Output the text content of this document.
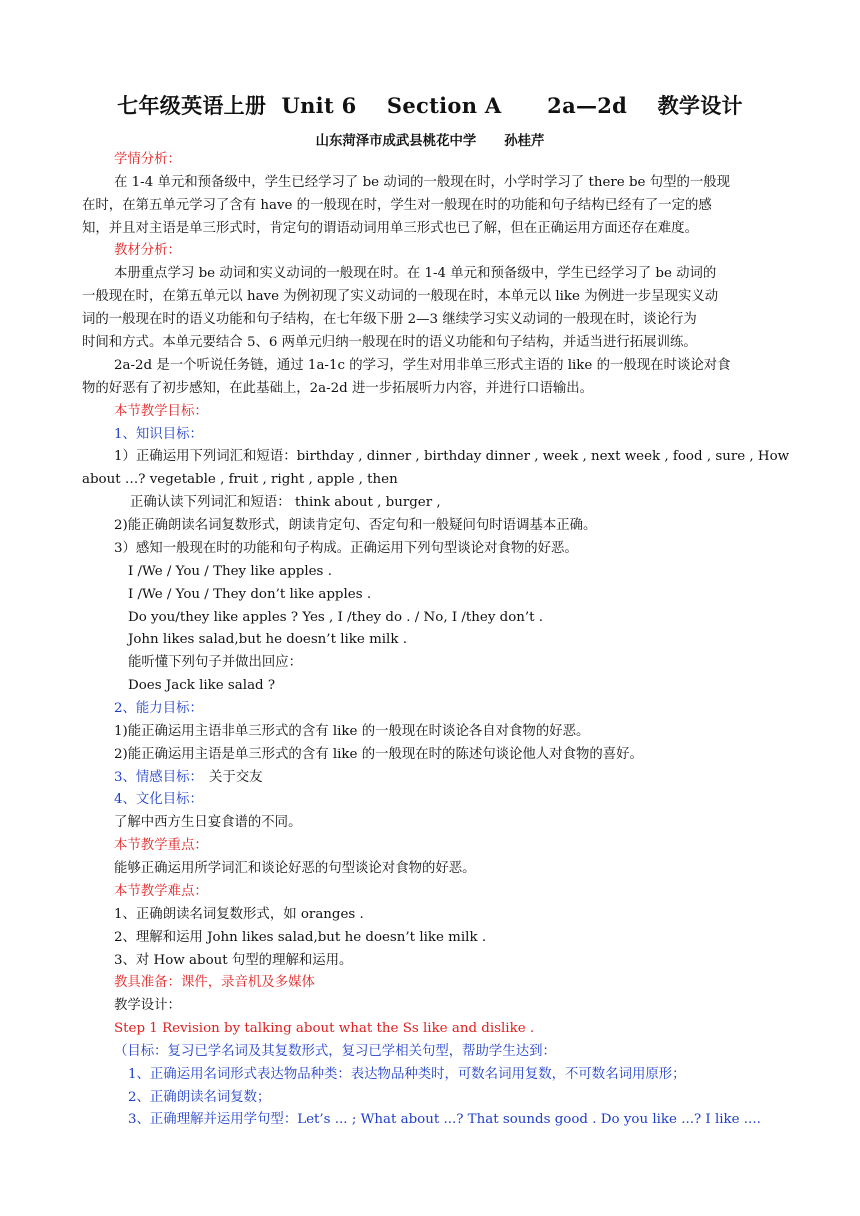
七年级英语上册  Unit 6    Section A      2a—2d    教学设计
山东菏泽市成武县桃花中学      孙桂芹
学情分析：
在 1-4 单元和预备级中，学生已经学习了 be 动词的一般现在时，小学时学习了 there be 句型的一般现
在时，在第五单元学习了含有 have 的一般现在时，学生对一般现在时的功能和句子结构已经有了一定的感
知，并且对主语是单三形式时，肯定句的谓语动词用单三形式也已了解，但在正确运用方面还存在难度。
教材分析：
本册重点学习 be 动词和实义动词的一般现在时。在 1-4 单元和预备级中，学生已经学习了 be 动词的
一般现在时，在第五单元以 have 为例初现了实义动词的一般现在时，本单元以 like 为例进一步呈现实义动
词的一般现在时的语义功能和句子结构，在七年级下册 2—3 继续学习实义动词的一般现在时，谈论行为
时间和方式。本单元要结合 5、6 两单元归纳一般现在时的语义功能和句子结构，并适当进行拓展训练。
2a-2d 是一个听说任务链，通过 1a-1c 的学习，学生对用非单三形式主语的 like 的一般现在时谈论对食
物的好恶有了初步感知，在此基础上，2a-2d 进一步拓展听力内容，并进行口语输出。
本节教学目标：
1、知识目标：
1）正确运用下列词汇和短语：birthday , dinner , birthday dinner , week , next week , food , sure , How
about …? vegetable , fruit , right , apple , then
正确认读下列词汇和短语： think about , burger ,
2)能正确朗读名词复数形式，朗读肯定句、否定句和一般疑问句时语调基本正确。
3）感知一般现在时的功能和句子构成。正确运用下列句型谈论对食物的好恶。
I /We / You / They like apples .
I /We / You / They don’t like apples .
Do you/they like apples ? Yes , I /they do . / No, I /they don’t .
John likes salad,but he doesn’t like milk .
能听懂下列句子并做出回应：
Does Jack like salad ?
2、能力目标：
1)能正确运用主语非单三形式的含有 like 的一般现在时谈论各自对食物的好恶。
2)能正确运用主语是单三形式的含有 like 的一般现在时的陈述句谈论他人对食物的喜好。
3、情感目标： 关于交友
4、文化目标：
了解中西方生日宴食谱的不同。
本节教学重点：
能够正确运用所学词汇和谈论好恶的句型谈论对食物的好恶。
本节教学难点：
1、正确朗读名词复数形式，如 oranges .
2、理解和运用 John likes salad,but he doesn’t like milk .
3、对 How about 句型的理解和运用。
教具准备：课件，录音机及多媒体
教学设计：
Step 1 Revision by talking about what the Ss like and dislike .
（目标：复习已学名词及其复数形式，复习已学相关句型，帮助学生达到：
1、正确运用名词形式表达物品种类：表达物品种类时，可数名词用复数，不可数名词用原形；
2、正确朗读名词复数；
3、正确理解并运用学句型：Let’s ... ; What about ...? That sounds good . Do you like ...? I like ....
